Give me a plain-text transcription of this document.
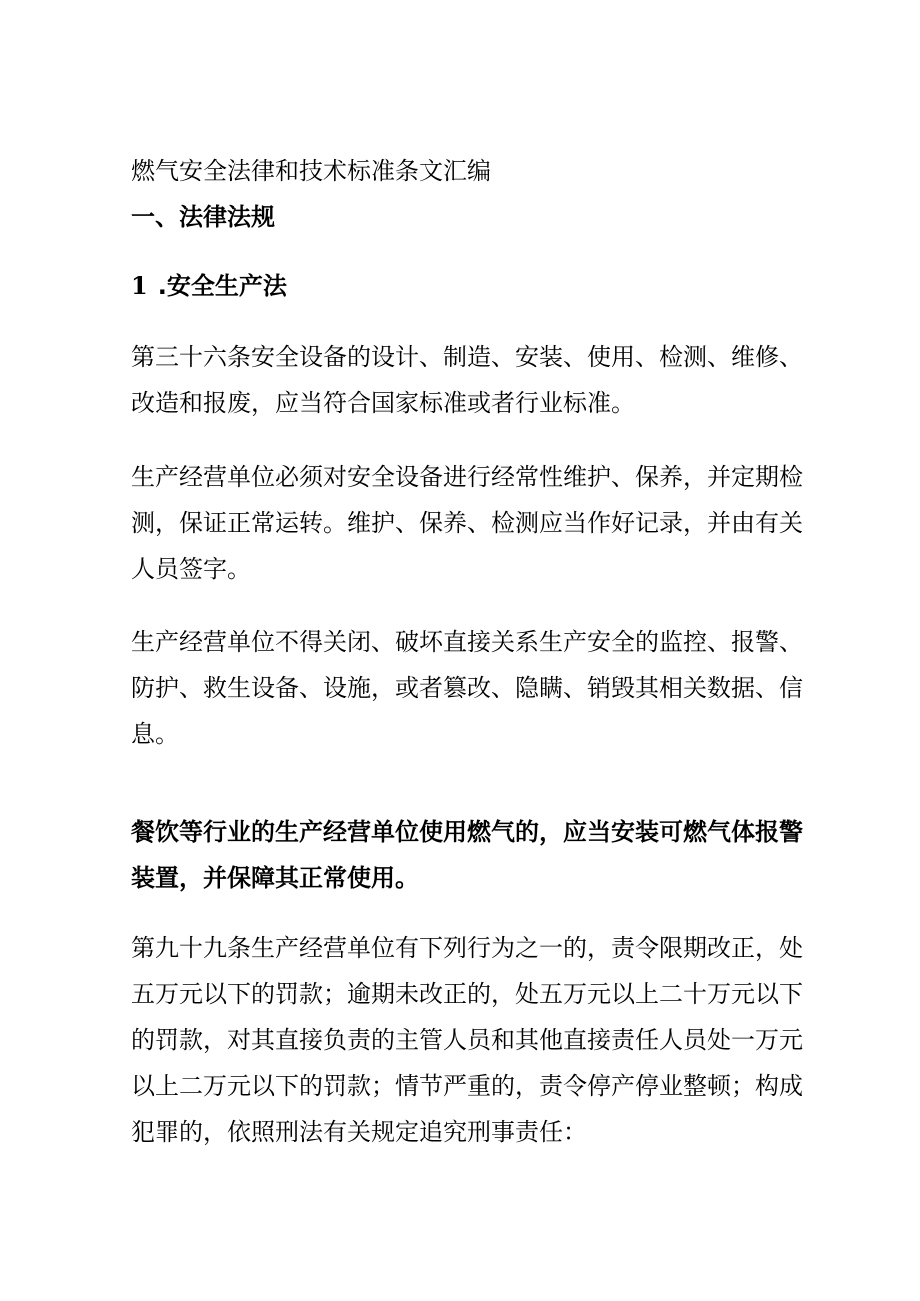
燃气安全法律和技术标准条文汇编

一、法律法规

1 .安全生产法

第三十六条安全设备的设计、制造、安装、使用、检测、维修、改造和报废，应当符合国家标准或者行业标准。

生产经营单位必须对安全设备进行经常性维护、保养，并定期检测，保证正常运转。维护、保养、检测应当作好记录，并由有关人员签字。

生产经营单位不得关闭、破坏直接关系生产安全的监控、报警、防护、救生设备、设施，或者篡改、隐瞒、销毁其相关数据、信息。

餐饮等行业的生产经营单位使用燃气的，应当安装可燃气体报警装置，并保障其正常使用。

第九十九条生产经营单位有下列行为之一的，责令限期改正，处五万元以下的罚款；逾期未改正的，处五万元以上二十万元以下的罚款，对其直接负责的主管人员和其他直接责任人员处一万元以上二万元以下的罚款；情节严重的，责令停产停业整顿；构成犯罪的，依照刑法有关规定追究刑事责任：
